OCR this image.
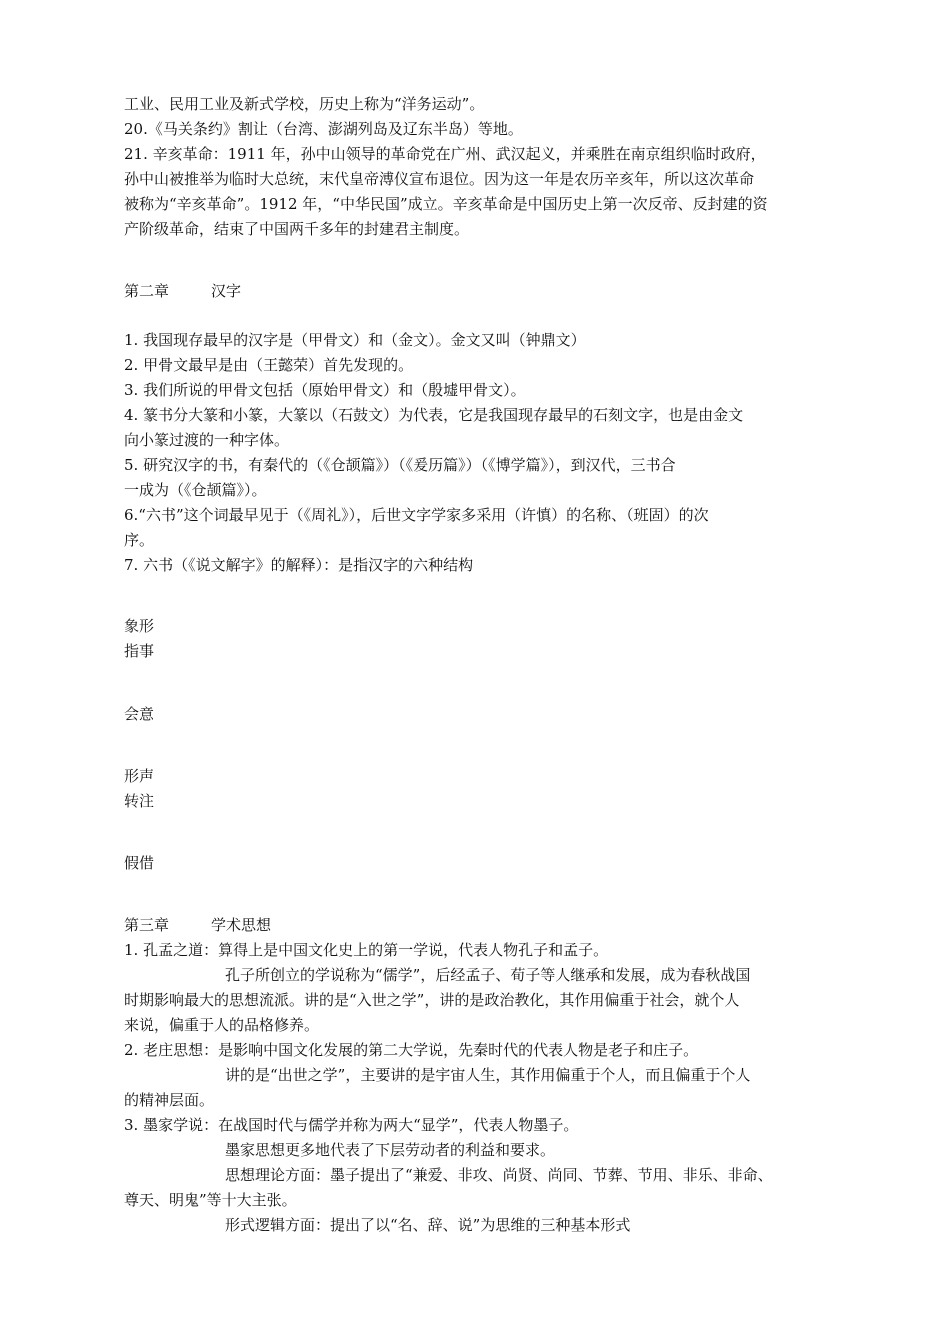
工业、民用工业及新式学校，历史上称为“洋务运动”。
20.《马关条约》割让（台湾、澎湖列岛及辽东半岛）等地。
21. 辛亥革命：1911 年，孙中山领导的革命党在广州、武汉起义，并乘胜在南京组织临时政府，
孙中山被推举为临时大总统，末代皇帝溥仪宣布退位。因为这一年是农历辛亥年，所以这次革命
被称为“辛亥革命”。1912 年，“中华民国”成立。辛亥革命是中国历史上第一次反帝、反封建的资
产阶级革命，结束了中国两千多年的封建君主制度。
第二章	汉字
1. 我国现存最早的汉字是（甲骨文）和（金文）。金文又叫（钟鼎文）
2. 甲骨文最早是由（王懿荣）首先发现的。
3. 我们所说的甲骨文包括（原始甲骨文）和（殷墟甲骨文）。
4. 篆书分大篆和小篆，大篆以（石鼓文）为代表，它是我国现存最早的石刻文字，也是由金文
向小篆过渡的一种字体。
5. 研究汉字的书，有秦代的（《仓颉篇》）（《爰历篇》）（《博学篇》），到汉代，三书合
一成为（《仓颉篇》）。
6.“六书”这个词最早见于（《周礼》），后世文字学家多采用（许慎）的名称、（班固）的次
序。
7. 六书（《说文解字》的解释）：是指汉字的六种结构
象形
指事
会意
形声
转注
假借
第三章	学术思想
1. 孔孟之道：算得上是中国文化史上的第一学说，代表人物孔子和孟子。
孔子所创立的学说称为“儒学”，后经孟子、荀子等人继承和发展，成为春秋战国
时期影响最大的思想流派。讲的是“入世之学”，讲的是政治教化，其作用偏重于社会，就个人
来说，偏重于人的品格修养。
2. 老庄思想：是影响中国文化发展的第二大学说，先秦时代的代表人物是老子和庄子。
讲的是“出世之学”，主要讲的是宇宙人生，其作用偏重于个人，而且偏重于个人
的精神层面。
3. 墨家学说：在战国时代与儒学并称为两大“显学”，代表人物墨子。
墨家思想更多地代表了下层劳动者的利益和要求。
思想理论方面：墨子提出了“兼爱、非攻、尚贤、尚同、节葬、节用、非乐、非命、
尊天、明鬼”等十大主张。
形式逻辑方面：提出了以“名、辞、说”为思维的三种基本形式
